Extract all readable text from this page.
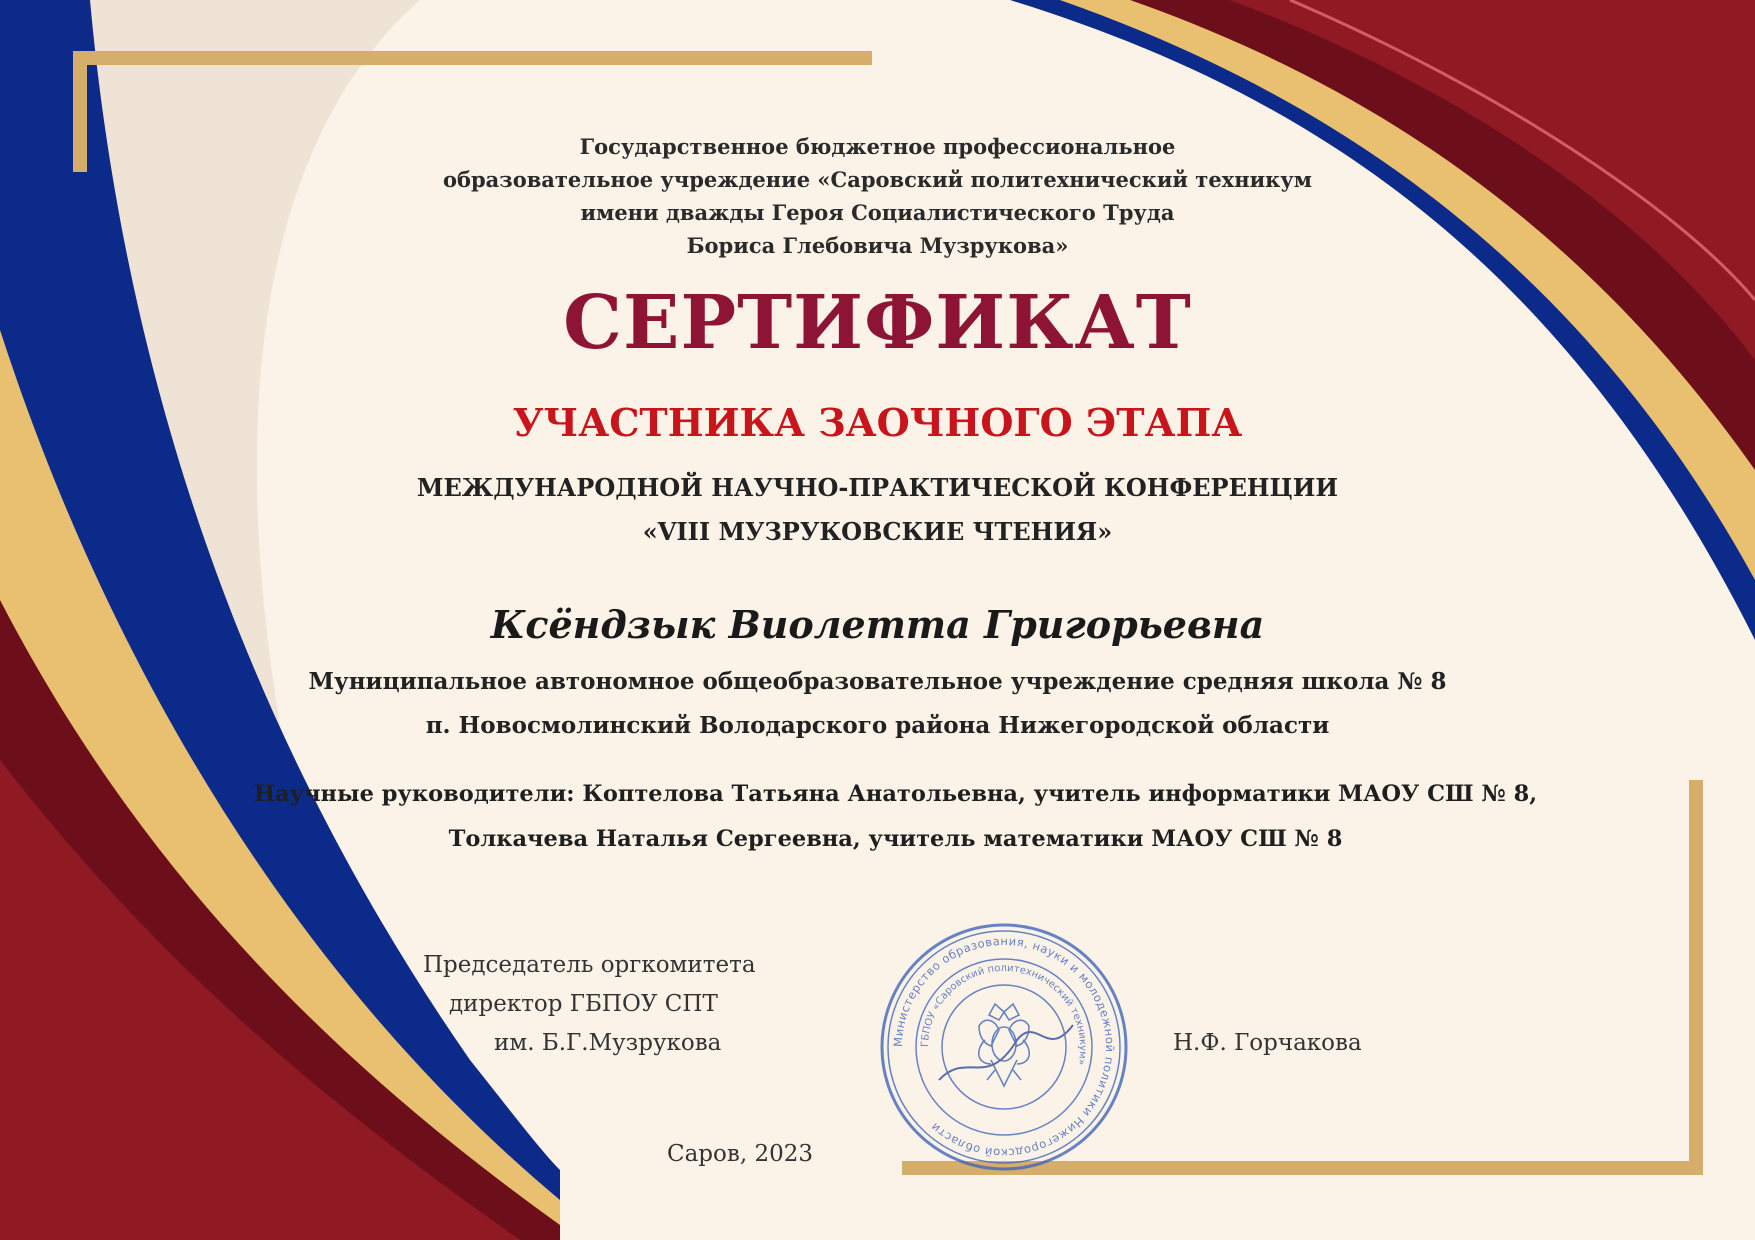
Государственное бюджетное профессиональное
образовательное учреждение «Саровский политехнический техникум
имени дважды Героя Социалистического Труда
Бориса Глебовича Музрукова»
СЕРТИФИКАТ
УЧАСТНИКА ЗАОЧНОГО ЭТАПА
МЕЖДУНАРОДНОЙ НАУЧНО-ПРАКТИЧЕСКОЙ КОНФЕРЕНЦИИ
«VIII МУЗРУКОВСКИЕ ЧТЕНИЯ»
Ксёндзык Виолетта Григорьевна
Муниципальное автономное общеобразовательное учреждение средняя школа № 8
п. Новосмолинский Володарского района Нижегородской области
Научные руководители: Коптелова Татьяна Анатольевна, учитель информатики МАОУ СШ № 8,
Толкачева Наталья Сергеевна, учитель математики МАОУ СШ № 8

Председатель оргкомитета

директор ГБПОУ СПТ

им. Б.Г.Музрукова	Н.Ф. Горчакова

Министерство образования, науки и молодежной политики Нижегородской области
ГБПОУ «Саровский политехнический техникум»

Саров, 2023
